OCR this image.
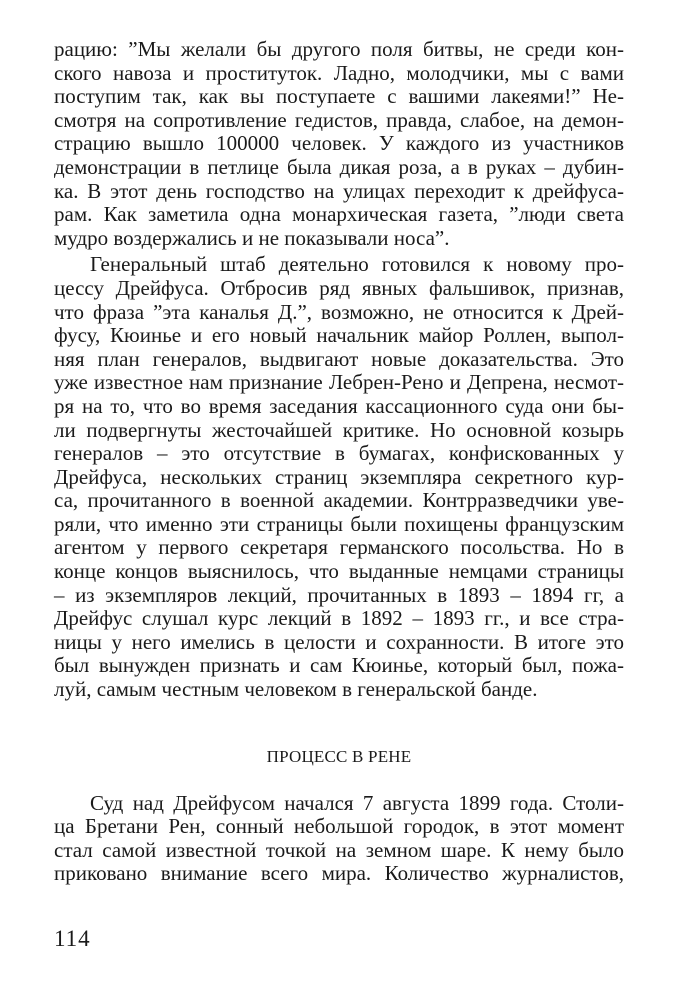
рацию: ”Мы желали бы другого поля битвы, не среди кон-
ского навоза и проституток. Ладно, молодчики, мы с вами
поступим так, как вы поступаете с вашими лакеями!” Не-
смотря на сопротивление гедистов, правда, слабое, на демон-
страцию вышло 100000 человек. У каждого из участников
демонстрации в петлице была дикая роза, а в руках – дубин-
ка. В этот день господство на улицах переходит к дрейфуса-
рам. Как заметила одна монархическая газета, ”люди света
мудро воздержались и не показывали носа”.
Генеральный штаб деятельно готовился к новому про-
цессу Дрейфуса. Отбросив ряд явных фальшивок, признав,
что фраза ”эта каналья Д.”, возможно, не относится к Дрей-
фусу, Кюинье и его новый начальник майор Роллен, выпол-
няя план генералов, выдвигают новые доказательства. Это
уже известное нам признание Лебрен-Рено и Депрена, несмот-
ря на то, что во время заседания кассационного суда они бы-
ли подвергнуты жесточайшей критике. Но основной козырь
генералов – это отсутствие в бумагах, конфискованных у
Дрейфуса, нескольких страниц экземпляра секретного кур-
са, прочитанного в военной академии. Контрразведчики уве-
ряли, что именно эти страницы были похищены французским
агентом у первого секретаря германского посольства. Но в
конце концов выяснилось, что выданные немцами страницы
– из экземпляров лекций, прочитанных в 1893 – 1894 гг, а
Дрейфус слушал курс лекций в 1892 – 1893 гг., и все стра-
ницы у него имелись в целости и сохранности. В итоге это
был вынужден признать и сам Кюинье, который был, пожа-
луй, самым честным человеком в генеральской банде.
ПРОЦЕСС В РЕНЕ
Суд над Дрейфусом начался 7 августа 1899 года. Столи-
ца Бретани Рен, сонный небольшой городок, в этот момент
стал самой известной точкой на земном шаре. К нему было
приковано внимание всего мира. Количество журналистов,
114
